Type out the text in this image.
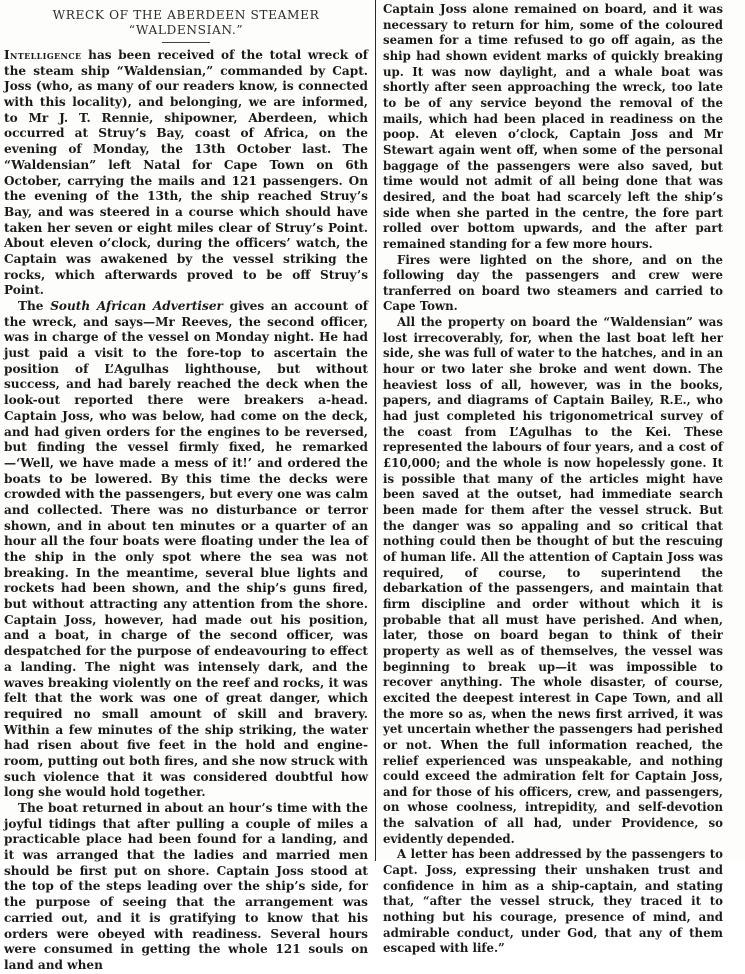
WRECK OF THE ABERDEEN STEAMER
“WALDENSIAN.”

Intelligence has been received of the total wreck of the steam ship “Waldensian,” commanded by Capt. Joss (who, as many of our readers know, is connected with this locality), and belonging, we are informed, to Mr J. T. Rennie, shipowner, Aberdeen, which occurred at Struy’s Bay, coast of Africa, on the evening of Monday, the 13th October last. The “Waldensian” left Natal for Cape Town on 6th October, carrying the mails and 121 passengers. On the evening of the 13th, the ship reached Struy’s Bay, and was steered in a course which should have taken her seven or eight miles clear of Struy’s Point. About eleven o’clock, during the officers’ watch, the Captain was awakened by the vessel striking the rocks, which afterwards proved to be off Struy’s Point.

The South African Advertiser gives an account of the wreck, and says—Mr Reeves, the second officer, was in charge of the vessel on Monday night. He had just paid a visit to the fore-top to ascertain the position of L’Agulhas lighthouse, but without success, and had barely reached the deck when the look-out reported there were breakers a-head. Captain Joss, who was below, had come on the deck, and had given orders for the engines to be reversed, but finding the vessel firmly fixed, he remarked—‘Well, we have made a mess of it!’ and ordered the boats to be lowered. By this time the decks were crowded with the passengers, but every one was calm and collected. There was no disturbance or terror shown, and in about ten minutes or a quarter of an hour all the four boats were floating under the lea of the ship in the only spot where the sea was not breaking. In the meantime, several blue lights and rockets had been shown, and the ship’s guns fired, but without attracting any attention from the shore. Captain Joss, however, had made out his position, and a boat, in charge of the second officer, was despatched for the purpose of endeavouring to effect a landing. The night was intensely dark, and the waves breaking violently on the reef and rocks, it was felt that the work was one of great danger, which required no small amount of skill and bravery. Within a few minutes of the ship striking, the water had risen about five feet in the hold and engine-room, putting out both fires, and she now struck with such violence that it was considered doubtful how long she would hold together.

The boat returned in about an hour’s time with the joyful tidings that after pulling a couple of miles a practicable place had been found for a landing, and it was arranged that the ladies and married men should be first put on shore. Captain Joss stood at the top of the steps leading over the ship’s side, for the purpose of seeing that the arrangement was carried out, and it is gratifying to know that his orders were obeyed with readiness. Several hours were consumed in getting the whole 121 souls on land and when

Captain Joss alone remained on board, and it was necessary to return for him, some of the coloured seamen for a time refused to go off again, as the ship had shown evident marks of quickly breaking up. It was now daylight, and a whale boat was shortly after seen approaching the wreck, too late to be of any service beyond the removal of the mails, which had been placed in readiness on the poop. At eleven o’clock, Captain Joss and Mr Stewart again went off, when some of the personal baggage of the passengers were also saved, but time would not admit of all being done that was desired, and the boat had scarcely left the ship’s side when she parted in the centre, the fore part rolled over bottom upwards, and the after part remained standing for a few more hours.

Fires were lighted on the shore, and on the following day the passengers and crew were tranferred on board two steamers and carried to Cape Town.

All the property on board the “Waldensian” was lost irrecoverably, for, when the last boat left her side, she was full of water to the hatches, and in an hour or two later she broke and went down. The heaviest loss of all, however, was in the books, papers, and diagrams of Captain Bailey, R.E., who had just completed his trigonometrical survey of the coast from L’Agulhas to the Kei. These represented the labours of four years, and a cost of £10,000; and the whole is now hopelessly gone. It is possible that many of the articles might have been saved at the outset, had immediate search been made for them after the vessel struck. But the danger was so appaling and so critical that nothing could then be thought of but the rescuing of human life. All the attention of Captain Joss was required, of course, to superintend the debarkation of the passengers, and maintain that firm discipline and order without which it is probable that all must have perished. And when, later, those on board began to think of their property as well as of themselves, the vessel was beginning to break up—it was impossible to recover anything. The whole disaster, of course, excited the deepest interest in Cape Town, and all the more so as, when the news first arrived, it was yet uncertain whether the passengers had perished or not. When the full information reached, the relief experienced was unspeakable, and nothing could exceed the admiration felt for Captain Joss, and for those of his officers, crew, and passengers, on whose coolness, intrepidity, and self-devotion the salvation of all had, under Providence, so evidently depended.

A letter has been addressed by the passengers to Capt. Joss, expressing their unshaken trust and confidence in him as a ship-captain, and stating that, “after the vessel struck, they traced it to nothing but his courage, presence of mind, and admirable conduct, under God, that any of them escaped with life.”
